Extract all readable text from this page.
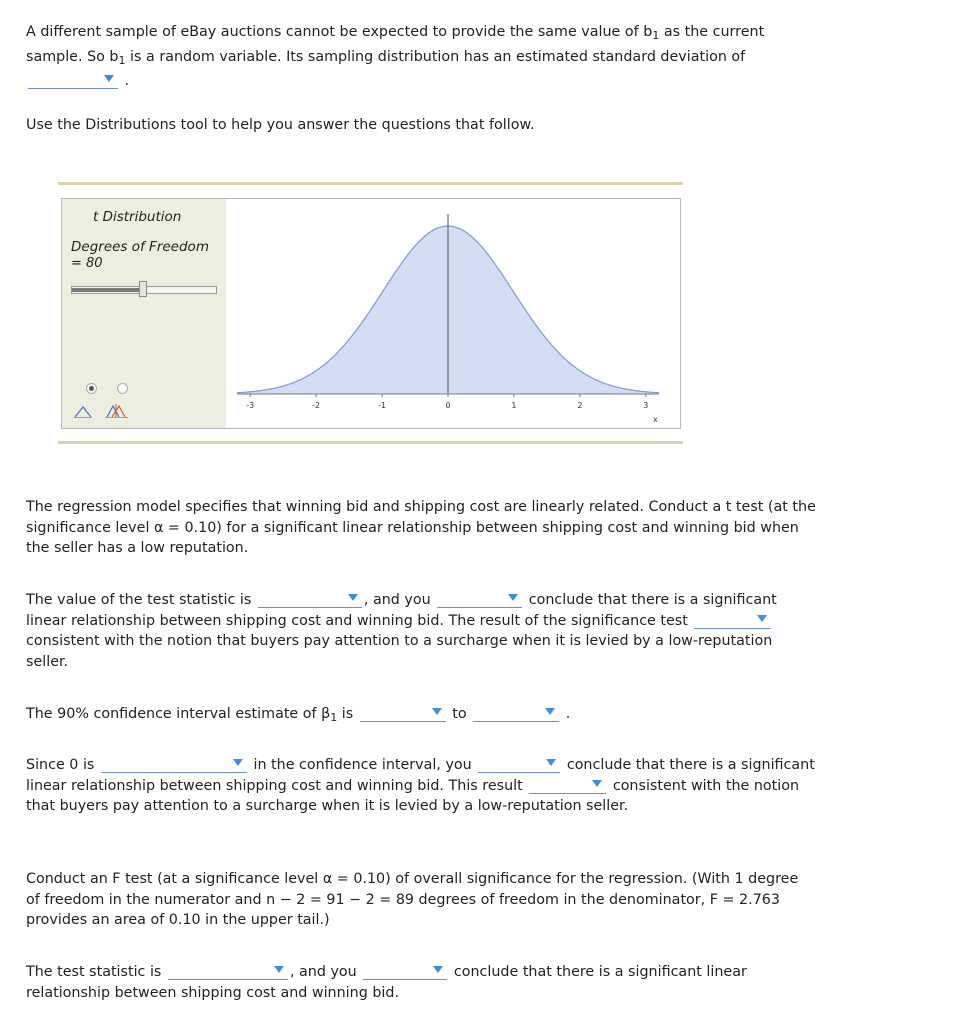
A different sample of eBay auctions cannot be expected to provide the same value of $b_1$ as the current sample. So $b_1$ is a random variable. Its sampling distribution has an estimated standard deviation of
.

Use the Distributions tool to help you answer the questions that follow.

t Distribution
Degrees of Freedom
= 80
-3	-2	-1	0	1	2	3
x

The regression model specifies that winning bid and shipping cost are linearly related. Conduct a t test (at the significance level α = 0.10) for a significant linear relationship between shipping cost and winning bid when the seller has a low reputation.

The value of the test statistic is	, and you	conclude that there is a significant linear relationship between shipping cost and winning bid. The result of the significance test
consistent with the notion that buyers pay attention to a surcharge when it is levied by a low-reputation seller.

The 90% confidence interval estimate of $\beta_1$ is	to	.

Since 0 is	in the confidence interval, you	conclude that there is a significant linear relationship between shipping cost and winning bid. This result	consistent with the notion that buyers pay attention to a surcharge when it is levied by a low-reputation seller.

Conduct an F test (at a significance level α = 0.10) of overall significance for the regression. (With 1 degree of freedom in the numerator and n − 2 = 91 − 2 = 89 degrees of freedom in the denominator, F = 2.763 provides an area of 0.10 in the upper tail.)

The test statistic is	, and you	conclude that there is a significant linear relationship between shipping cost and winning bid.
